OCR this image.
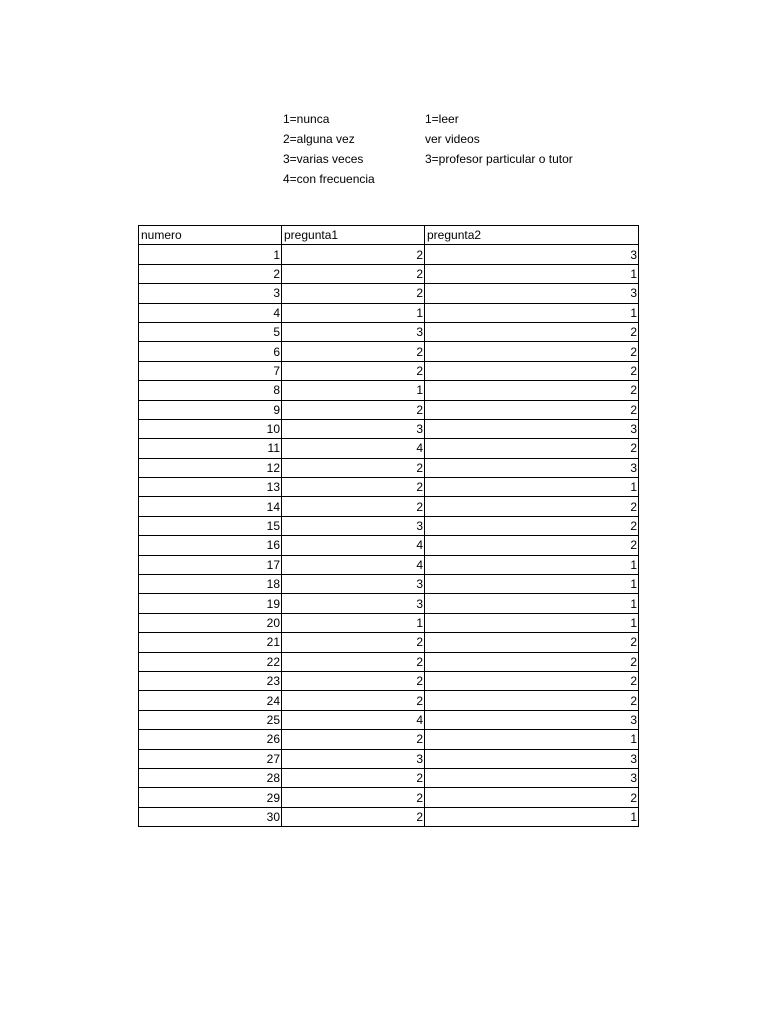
1=nunca
2=alguna vez
3=varias veces
4=con frecuencia
1=leer
ver videos
3=profesor particular o tutor
numero	pregunta1	pregunta2
1	2	3
2	2	1
3	2	3
4	1	1
5	3	2
6	2	2
7	2	2
8	1	2
9	2	2
10	3	3
11	4	2
12	2	3
13	2	1
14	2	2
15	3	2
16	4	2
17	4	1
18	3	1
19	3	1
20	1	1
21	2	2
22	2	2
23	2	2
24	2	2
25	4	3
26	2	1
27	3	3
28	2	3
29	2	2
30	2	1
